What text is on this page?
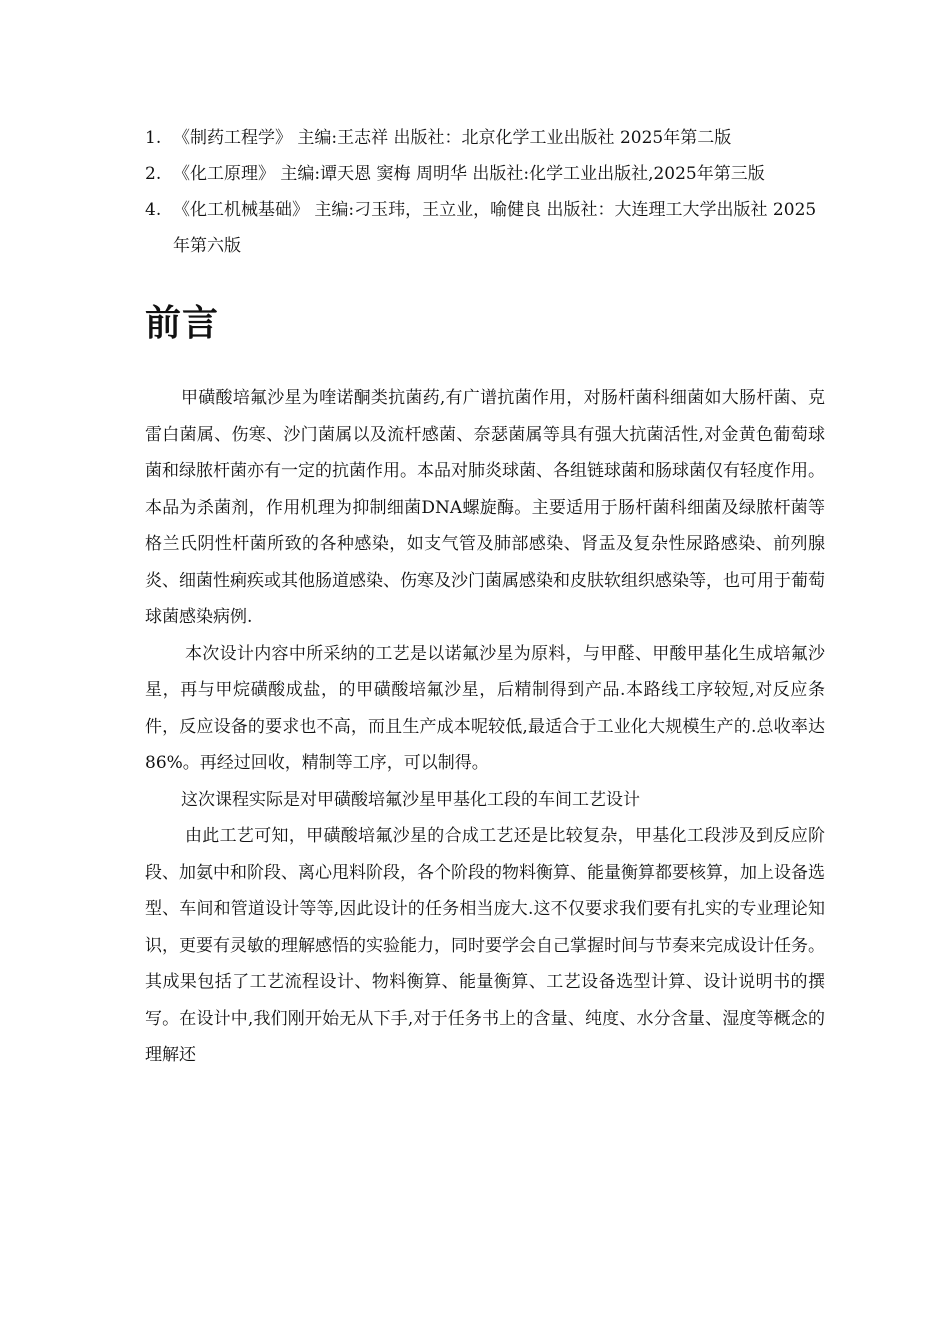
1. 《制药工程学》 主编:王志祥 出版社：北京化学工业出版社 2025年第二版
2. 《化工原理》 主编:谭天恩 窦梅 周明华 出版社:化学工业出版社,2025年第三版
4. 《化工机械基础》 主编:刁玉玮，王立业，喻健良 出版社：大连理工大学出版社 2025年第六版
前言

甲磺酸培氟沙星为喹诺酮类抗菌药,有广谱抗菌作用，对肠杆菌科细菌如大肠杆菌、克雷白菌属、伤寒、沙门菌属以及流杆感菌、奈瑟菌属等具有强大抗菌活性,对金黄色葡萄球菌和绿脓杆菌亦有一定的抗菌作用。本品对肺炎球菌、各组链球菌和肠球菌仅有轻度作用。本品为杀菌剂，作用机理为抑制细菌DNA螺旋酶。主要适用于肠杆菌科细菌及绿脓杆菌等格兰氏阴性杆菌所致的各种感染，如支气管及肺部感染、肾盂及复杂性尿路感染、前列腺炎、细菌性痢疾或其他肠道感染、伤寒及沙门菌属感染和皮肤软组织感染等，也可用于葡萄球菌感染病例.

本次设计内容中所采纳的工艺是以诺氟沙星为原料，与甲醛、甲酸甲基化生成培氟沙星，再与甲烷磺酸成盐，的甲磺酸培氟沙星，后精制得到产品.本路线工序较短,对反应条件，反应设备的要求也不高，而且生产成本呢较低,最适合于工业化大规模生产的.总收率达86%。再经过回收，精制等工序，可以制得。

这次课程实际是对甲磺酸培氟沙星甲基化工段的车间工艺设计

由此工艺可知，甲磺酸培氟沙星的合成工艺还是比较复杂，甲基化工段涉及到反应阶段、加氨中和阶段、离心甩料阶段，各个阶段的物料衡算、能量衡算都要核算，加上设备选型、车间和管道设计等等,因此设计的任务相当庞大.这不仅要求我们要有扎实的专业理论知识，更要有灵敏的理解感悟的实验能力，同时要学会自己掌握时间与节奏来完成设计任务。其成果包括了工艺流程设计、物料衡算、能量衡算、工艺设备选型计算、设计说明书的撰写。在设计中,我们刚开始无从下手,对于任务书上的含量、纯度、水分含量、湿度等概念的理解还
